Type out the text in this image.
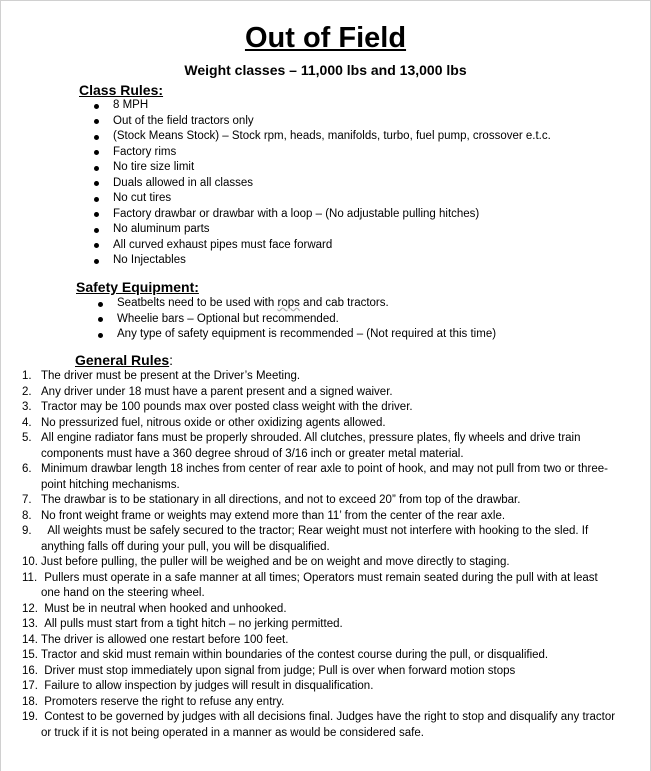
Out of Field
Weight classes – 11,000 lbs and 13,000 lbs
Class Rules:
8 MPH
Out of the field tractors only
(Stock Means Stock) – Stock rpm, heads, manifolds, turbo, fuel pump, crossover e.t.c.
Factory rims
No tire size limit
Duals allowed in all classes
No cut tires
Factory drawbar or drawbar with a loop – (No adjustable pulling hitches)
No aluminum parts
All curved exhaust pipes must face forward
No Injectables
Safety Equipment:
Seatbelts need to be used with rops and cab tractors.
Wheelie bars – Optional but recommended.
Any type of safety equipment is recommended – (Not required at this time)
General Rules:
1. The driver must be present at the Driver’s Meeting.
2. Any driver under 18 must have a parent present and a signed waiver.
3. Tractor may be 100 pounds max over posted class weight with the driver.
4. No pressurized fuel, nitrous oxide or other oxidizing agents allowed.
5. All engine radiator fans must be properly shrouded. All clutches, pressure plates, fly wheels and drive train components must have a 360 degree shroud of 3/16 inch or greater metal material.
6. Minimum drawbar length 18 inches from center of rear axle to point of hook, and may not pull from two or three-point hitching mechanisms.
7. The drawbar is to be stationary in all directions, and not to exceed 20” from top of the drawbar.
8. No front weight frame or weights may extend more than 11’ from the center of the rear axle.
9. All weights must be safely secured to the tractor; Rear weight must not interfere with hooking to the sled. If anything falls off during your pull, you will be disqualified.
10. Just before pulling, the puller will be weighed and be on weight and move directly to staging.
11. Pullers must operate in a safe manner at all times; Operators must remain seated during the pull with at least one hand on the steering wheel.
12. Must be in neutral when hooked and unhooked.
13. All pulls must start from a tight hitch – no jerking permitted.
14. The driver is allowed one restart before 100 feet.
15. Tractor and skid must remain within boundaries of the contest course during the pull, or disqualified.
16. Driver must stop immediately upon signal from judge; Pull is over when forward motion stops
17. Failure to allow inspection by judges will result in disqualification.
18. Promoters reserve the right to refuse any entry.
19. Contest to be governed by judges with all decisions final. Judges have the right to stop and disqualify any tractor or truck if it is not being operated in a manner as would be considered safe.
